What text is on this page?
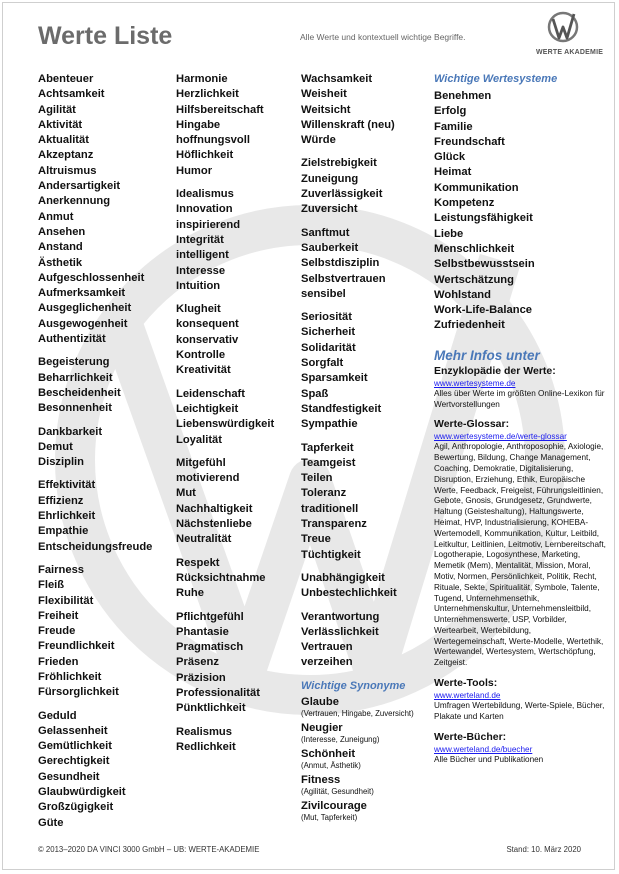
Werte Liste	Alle Werte und kontextuell wichtige Begriffe.
WERTE AKADEMIE
Abenteuer
Achtsamkeit
Agilität
Aktivität
Aktualität
Akzeptanz
Altruismus
Andersartigkeit
Anerkennung
Anmut
Ansehen
Anstand
Ästhetik
Aufgeschlossenheit
Aufmerksamkeit
Ausgeglichenheit
Ausgewogenheit
Authentizität
Begeisterung
Beharrlichkeit
Bescheidenheit
Besonnenheit
Dankbarkeit
Demut
Disziplin
Effektivität
Effizienz
Ehrlichkeit
Empathie
Entscheidungsfreude
Fairness
Fleiß
Flexibilität
Freiheit
Freude
Freundlichkeit
Frieden
Fröhlichkeit
Fürsorglichkeit
Geduld
Gelassenheit
Gemütlichkeit
Gerechtigkeit
Gesundheit
Glaubwürdigkeit
Großzügigkeit
Güte
Harmonie
Herzlichkeit
Hilfsbereitschaft
Hingabe
hoffnungsvoll
Höflichkeit
Humor
Idealismus
Innovation
inspirierend
Integrität
intelligent
Interesse
Intuition
Klugheit
konsequent
konservativ
Kontrolle
Kreativität
Leidenschaft
Leichtigkeit
Liebenswürdigkeit
Loyalität
Mitgefühl
motivierend
Mut
Nachhaltigkeit
Nächstenliebe
Neutralität
Respekt
Rücksichtnahme
Ruhe
Pflichtgefühl
Phantasie
Pragmatisch
Präsenz
Präzision
Professionalität
Pünktlichkeit
Realismus
Redlichkeit
Wachsamkeit
Weisheit
Weitsicht
Willenskraft (neu)
Würde
Zielstrebigkeit
Zuneigung
Zuverlässigkeit
Zuversicht
Sanftmut
Sauberkeit
Selbstdisziplin
Selbstvertrauen
sensibel
Seriosität
Sicherheit
Solidarität
Sorgfalt
Sparsamkeit
Spaß
Standfestigkeit
Sympathie
Tapferkeit
Teamgeist
Teilen
Toleranz
traditionell
Transparenz
Treue
Tüchtigkeit
Unabhängigkeit
Unbestechlichkeit
Verantwortung
Verlässlichkeit
Vertrauen
verzeihen
Wichtige Synonyme
Glaube
(Vertrauen, Hingabe, Zuversicht)
Neugier
(Interesse, Zuneigung)
Schönheit
(Anmut, Ästhetik)
Fitness
(Agilität, Gesundheit)
Zivilcourage
(Mut, Tapferkeit)
Wichtige Wertesysteme
Benehmen
Erfolg
Familie
Freundschaft
Glück
Heimat
Kommunikation
Kompetenz
Leistungsfähigkeit
Liebe
Menschlichkeit
Selbstbewusstsein
Wertschätzung
Wohlstand
Work-Life-Balance
Zufriedenheit
Mehr Infos unter
Enzyklopädie der Werte:
www.wertesysteme.de
Alles über Werte im größten Online-Lexikon für Wertvorstellungen
Werte-Glossar:
www.wertesysteme.de/werte-glossar
Agil, Anthropologie, Anthroposophie, Axiologie, Bewertung, Bildung, Change Management, Coaching, Demokratie, Digitalisierung, Disruption, Erziehung, Ethik, Europäische Werte, Feedback, Freigeist, Führungsleitlinien, Gebote, Gnosis, Grundgesetz, Grundwerte, Haltung (Geisteshaltung), Haltungswerte, Heimat, HVP, Industrialisierung, KOHEBA-Wertemodell, Kommunikation, Kultur, Leitbild, Leitkultur, Leitlinien, Leitmotiv, Lernbereitschaft, Logotherapie, Logosynthese, Marketing, Memetik (Mem), Mentalität, Mission, Moral, Motiv, Normen, Persönlichkeit, Politik, Recht, Rituale, Sekte, Spiritualität, Symbole, Talente, Tugend, Unternehmensethik, Unternehmenskultur, Unternehmensleitbild, Unternehmenswerte, USP, Vorbilder, Wertearbeit, Wertebildung, Wertegemeinschaft, Werte-Modelle, Wertethik, Wertewandel, Wertesystem, Wertschöpfung, Zeitgeist.
Werte-Tools:
www.werteland.de
Umfragen Wertebildung, Werte-Spiele, Bücher, Plakate und Karten
Werte-Bücher:
www.werteland.de/buecher
Alle Bücher und Publikationen
© 2013–2020 DA VINCI 3000 GmbH – UB: WERTE-AKADEMIE	Stand: 10. März 2020
